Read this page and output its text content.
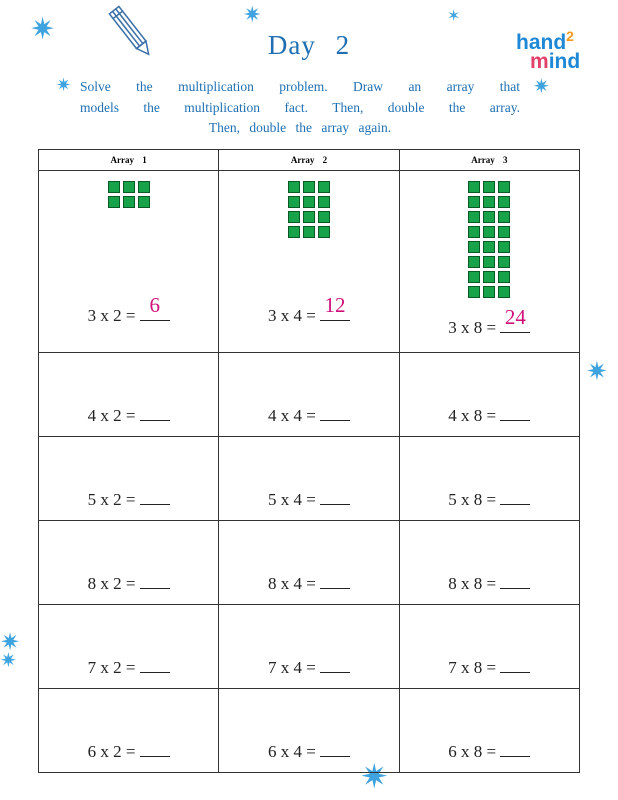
✷	✷	✶
✷	✷
✷
✷
✷
✷
Day 2	hand$^2$
mind
Solve the multiplication problem. Draw an array that
models the multiplication fact. Then, double the array.
Then, double the array again.
Array 1	Array 2	Array 3

3 x 2 = 6	3 x 4 = 12	3 x 8 = 24

4 x 2 =	4 x 4 =	4 x 8 =

5 x 2 =	5 x 4 =	5 x 8 =

8 x 2 =	8 x 4 =	8 x 8 =

7 x 2 =	7 x 4 =	7 x 8 =

6 x 2 =	6 x 4 =	6 x 8 =
